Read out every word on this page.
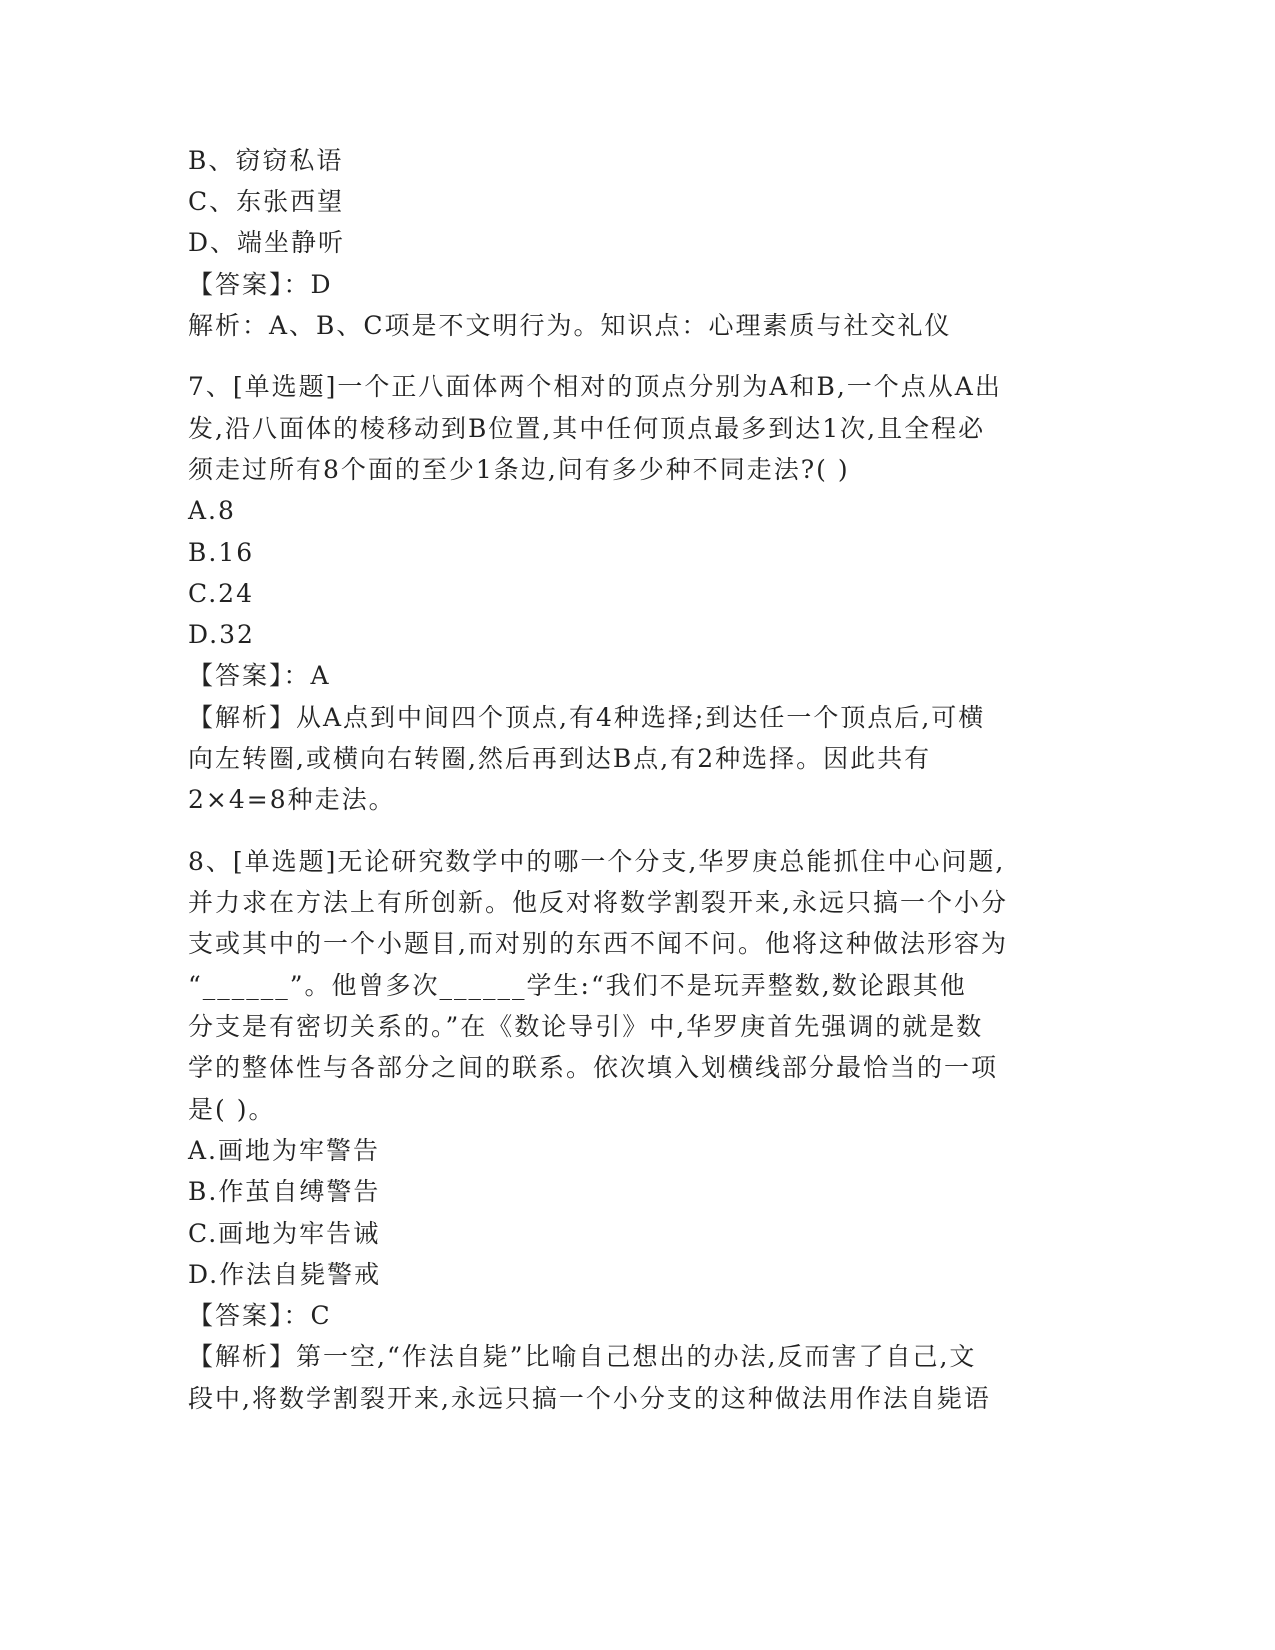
B、窃窃私语
C、东张西望
D、端坐静听
【答案】：D
解析：A、B、C项是不文明行为。知识点：心理素质与社交礼仪
7、[单选题]一个正八面体两个相对的顶点分别为A和B,一个点从A出
发,沿八面体的棱移动到B位置,其中任何顶点最多到达1次,且全程必
须走过所有8个面的至少1条边,问有多少种不同走法?( )
A.8
B.16
C.24
D.32
【答案】：A
【解析】从A点到中间四个顶点,有4种选择;到达任一个顶点后,可横
向左转圈,或横向右转圈,然后再到达B点,有2种选择。因此共有
2×4=8种走法。
8、[单选题]无论研究数学中的哪一个分支,华罗庚总能抓住中心问题,
并力求在方法上有所创新。他反对将数学割裂开来,永远只搞一个小分
支或其中的一个小题目,而对别的东西不闻不问。他将这种做法形容为
“______”。他曾多次______学生:“我们不是玩弄整数,数论跟其他
分支是有密切关系的。”在《数论导引》中,华罗庚首先强调的就是数
学的整体性与各部分之间的联系。依次填入划横线部分最恰当的一项
是( )。
A.画地为牢警告
B.作茧自缚警告
C.画地为牢告诫
D.作法自毙警戒
【答案】：C
【解析】第一空,“作法自毙”比喻自己想出的办法,反而害了自己,文
段中,将数学割裂开来,永远只搞一个小分支的这种做法用作法自毙语
